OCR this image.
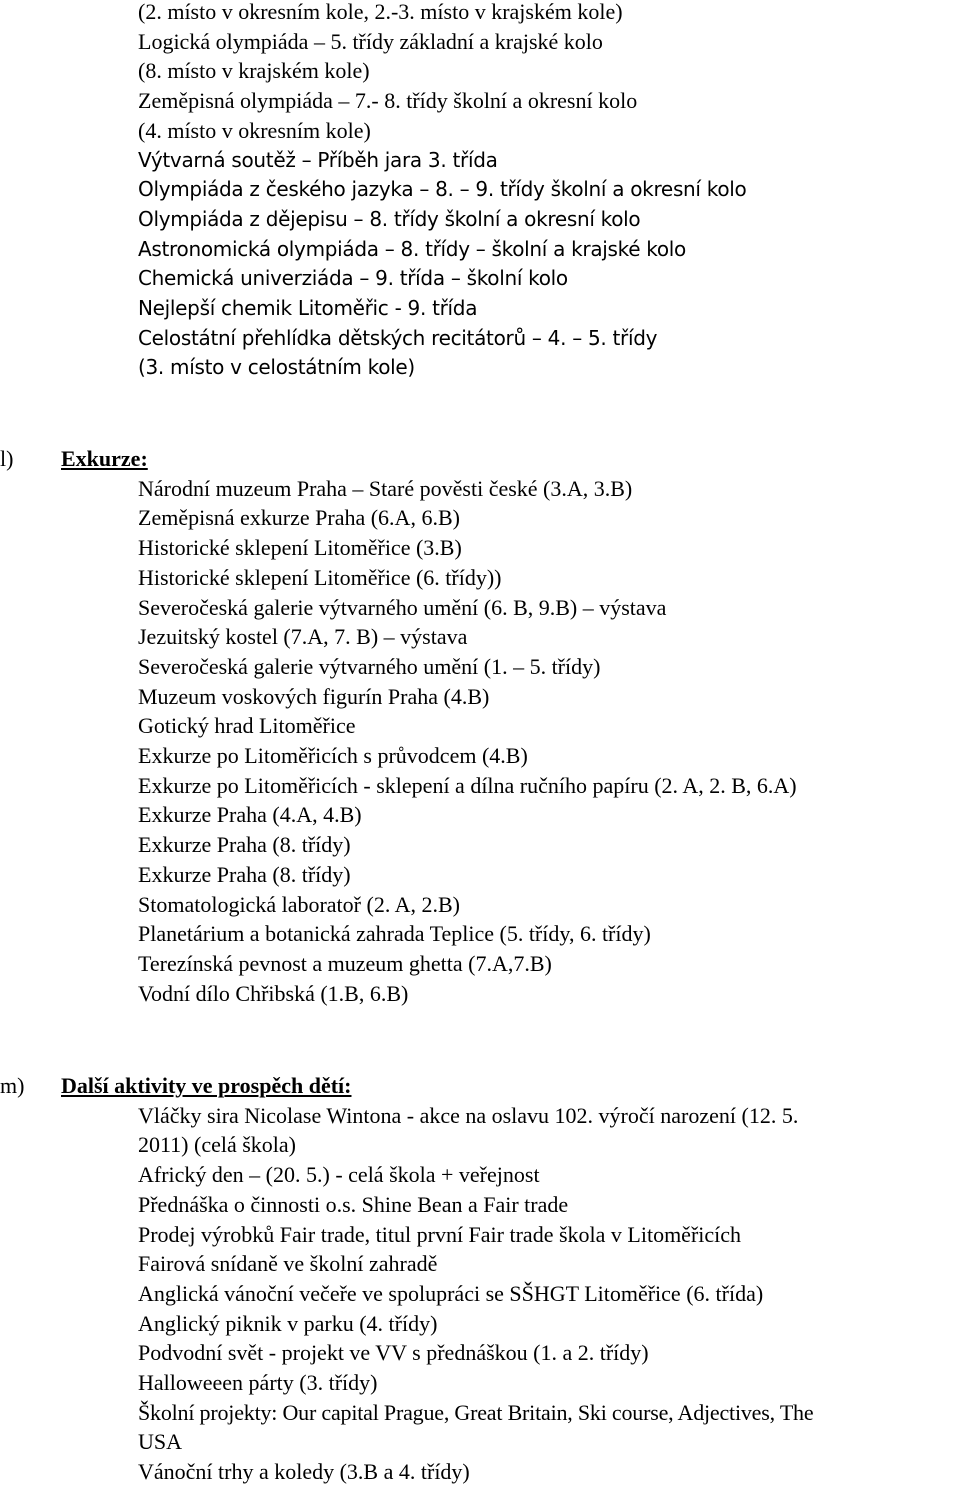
(2. místo v okresním kole, 2.-3. místo v krajském kole)
Logická olympiáda – 5. třídy základní a krajské kolo
(8. místo v krajském kole)
Zeměpisná olympiáda – 7.- 8. třídy školní a okresní kolo
(4. místo v okresním kole)
Výtvarná soutěž – Příběh jara 3. třída
Olympiáda z českého jazyka – 8. – 9. třídy školní a okresní kolo
Olympiáda z dějepisu – 8. třídy školní a okresní kolo
Astronomická olympiáda – 8. třídy – školní a krajské kolo
Chemická univerziáda – 9. třída – školní kolo
Nejlepší chemik Litoměřic - 9. třída
Celostátní přehlídka dětských recitátorů – 4. – 5. třídy
(3. místo v celostátním kole)
l) Exkurze:
Národní muzeum Praha – Staré pověsti české (3.A, 3.B)
Zeměpisná exkurze Praha (6.A, 6.B)
Historické sklepení Litoměřice (3.B)
Historické sklepení Litoměřice (6. třídy))
Severočeská galerie výtvarného umění (6. B, 9.B) – výstava
Jezuitský kostel (7.A, 7. B) – výstava
Severočeská galerie výtvarného umění (1. – 5. třídy)
Muzeum voskových figurín Praha (4.B)
Gotický hrad Litoměřice
Exkurze po Litoměřicích s průvodcem (4.B)
Exkurze po Litoměřicích - sklepení a dílna ručního papíru (2. A, 2. B, 6.A)
Exkurze Praha (4.A, 4.B)
Exkurze Praha (8. třídy)
Exkurze Praha (8. třídy)
Stomatologická laboratoř (2. A, 2.B)
Planetárium a botanická zahrada Teplice (5. třídy, 6. třídy)
Terezínská pevnost a muzeum ghetta (7.A,7.B)
Vodní dílo Chřibská (1.B, 6.B)
m) Další aktivity ve prospěch dětí:
Vláčky sira Nicolase Wintona - akce na oslavu 102. výročí narození (12. 5.
2011) (celá škola)
Africký den – (20. 5.) - celá škola + veřejnost
Přednáška o činnosti o.s. Shine Bean a Fair trade
Prodej výrobků Fair trade, titul první Fair trade škola v Litoměřicích
Fairová snídaně ve školní zahradě
Anglická vánoční večeře ve spolupráci se SŠHGT Litoměřice (6. třída)
Anglický piknik v parku (4. třídy)
Podvodní svět - projekt ve VV s přednáškou (1. a 2. třídy)
Halloweeen párty (3. třídy)
Školní projekty: Our capital Prague, Great Britain, Ski course, Adjectives, The
USA
Vánoční trhy a koledy (3.B a 4. třídy)
